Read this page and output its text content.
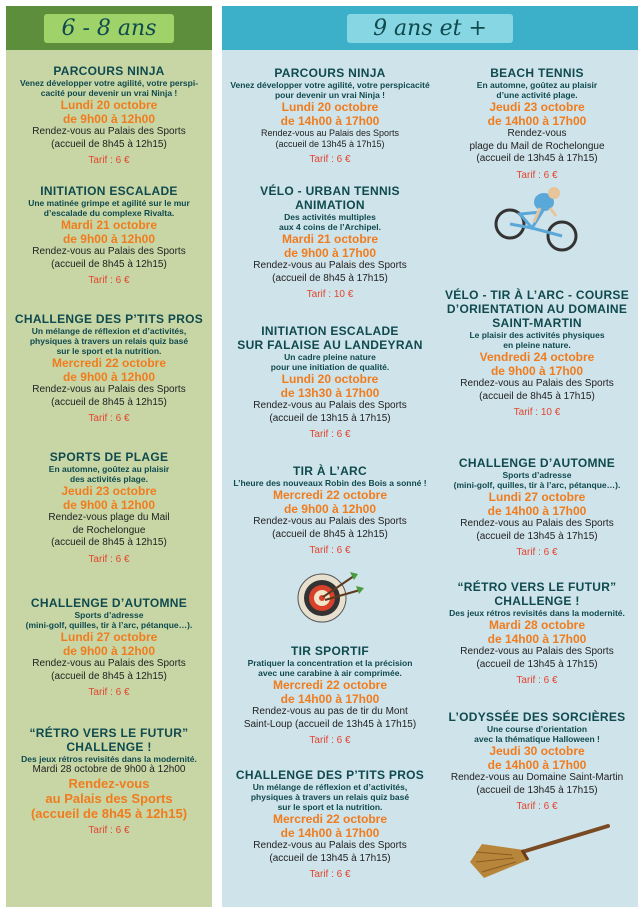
6 - 8 ans	9 ans et +
PARCOURS NINJA
Venez développer votre agilité, votre perspi-
cacité pour devenir un vrai Ninja !
Lundi 20 octobre
de 9h00 à 12h00
Rendez-vous au Palais des Sports
(accueil de 8h45 à 12h15)
Tarif : 6 €
INITIATION ESCALADE
Une matinée grimpe et agilité sur le mur
d’escalade du complexe Rivalta.
Mardi 21 octobre
de 9h00 à 12h00
Rendez-vous au Palais des Sports
(accueil de 8h45 à 12h15)
Tarif : 6 €
CHALLENGE DES P’TITS PROS
Un mélange de réflexion et d’activités,
physiques à travers un relais quiz basé
sur le sport et la nutrition.
Mercredi 22 octobre
de 9h00 à 12h00
Rendez-vous au Palais des Sports
(accueil de 8h45 à 12h15)
Tarif : 6 €
SPORTS DE PLAGE
En automne, goûtez au plaisir
des activités plage.
Jeudi 23 octobre
de 9h00 à 12h00
Rendez-vous plage du Mail
de Rochelongue
(accueil de 8h45 à 12h15)
Tarif : 6 €
CHALLENGE D’AUTOMNE
Sports d’adresse
(mini-golf, quilles, tir à l’arc, pétanque…).
Lundi 27 octobre
de 9h00 à 12h00
Rendez-vous au Palais des Sports
(accueil de 8h45 à 12h15)
Tarif : 6 €
“RÉTRO VERS LE FUTUR”
CHALLENGE !
Des jeux rétros revisités dans la modernité.
Mardi 28 octobre de 9h00 à 12h00
Rendez-vous
au Palais des Sports
(accueil de 8h45 à 12h15)
Tarif : 6 €
PARCOURS NINJA
Venez développer votre agilité, votre perspicacité
pour devenir un vrai Ninja !
Lundi 20 octobre
de 14h00 à 17h00
Rendez-vous au Palais des Sports
(accueil de 13h45 à 17h15)
Tarif : 6 €
VÉLO - URBAN TENNIS
ANIMATION
Des activités multiples
aux 4 coins de l’Archipel.
Mardi 21 octobre
de 9h00 à 17h00
Rendez-vous au Palais des Sports
(accueil de 8h45 à 17h15)
Tarif : 10 €
INITIATION ESCALADE
SUR FALAISE AU LANDEYRAN
Un cadre pleine nature
pour une initiation de qualité.
Lundi 20 octobre
de 13h30 à 17h00
Rendez-vous au Palais des Sports
(accueil de 13h15 à 17h15)
Tarif : 6 €
TIR À L’ARC
L’heure des nouveaux Robin des Bois a sonné !
Mercredi 22 octobre
de 9h00 à 12h00
Rendez-vous au Palais des Sports
(accueil de 8h45 à 12h15)
Tarif : 6 €
TIR SPORTIF
Pratiquer la concentration et la précision
avec une carabine à air comprimée.
Mercredi 22 octobre
de 14h00 à 17h00
Rendez-vous au pas de tir du Mont
Saint-Loup (accueil de 13h45 à 17h15)
Tarif : 6 €
CHALLENGE DES P’TITS PROS
Un mélange de réflexion et d’activités,
physiques à travers un relais quiz basé
sur le sport et la nutrition.
Mercredi 22 octobre
de 14h00 à 17h00
Rendez-vous au Palais des Sports
(accueil de 13h45 à 17h15)
Tarif : 6 €
BEACH TENNIS
En automne, goûtez au plaisir
d’une activité plage.
Jeudi 23 octobre
de 14h00 à 17h00
Rendez-vous
plage du Mail de Rochelongue
(accueil de 13h45 à 17h15)
Tarif : 6 €
VÉLO - TIR À L’ARC - COURSE
D’ORIENTATION AU DOMAINE
SAINT-MARTIN
Le plaisir des activités physiques
en pleine nature.
Vendredi 24 octobre
de 9h00 à 17h00
Rendez-vous au Palais des Sports
(accueil de 8h45 à 17h15)
Tarif : 10 €
CHALLENGE D’AUTOMNE
Sports d’adresse
(mini-golf, quilles, tir à l’arc, pétanque…).
Lundi 27 octobre
de 14h00 à 17h00
Rendez-vous au Palais des Sports
(accueil de 13h45 à 17h15)
Tarif : 6 €
“RÉTRO VERS LE FUTUR”
CHALLENGE !
Des jeux rétros revisités dans la modernité.
Mardi 28 octobre
de 14h00 à 17h00
Rendez-vous au Palais des Sports
(accueil de 13h45 à 17h15)
Tarif : 6 €
L’ODYSSÉE DES SORCIÈRES
Une course d’orientation
avec la thématique Halloween !
Jeudi 30 octobre
de 14h00 à 17h00
Rendez-vous au Domaine Saint-Martin
(accueil de 13h45 à 17h15)
Tarif : 6 €
